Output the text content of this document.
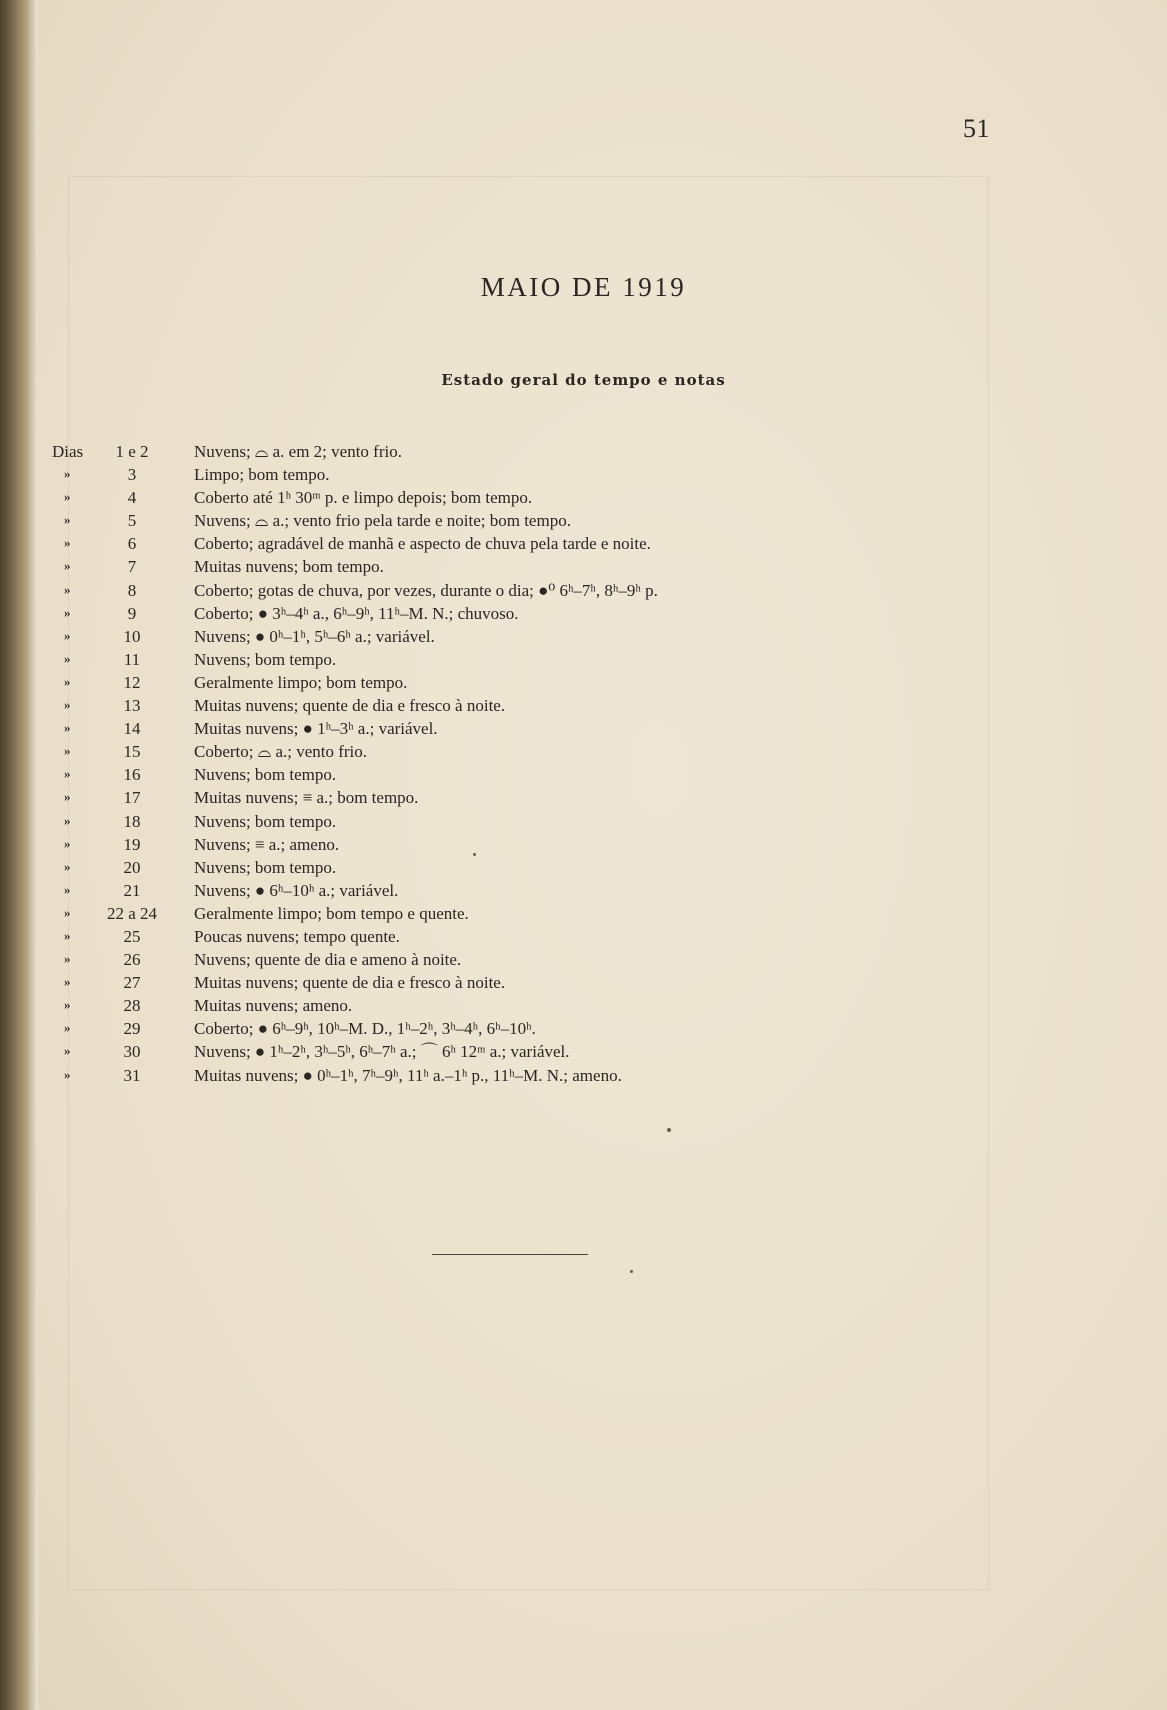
51
MAIO DE 1919
Estado geral do tempo e notas
Dias	1 e 2	Nuvens; ⌓ a. em 2; vento frio.
»	3	Limpo; bom tempo.
»	4	Coberto até 1ʰ 30ᵐ p. e limpo depois; bom tempo.
»	5	Nuvens; ⌓ a.; vento frio pela tarde e noite; bom tempo.
»	6	Coberto; agradável de manhã e aspecto de chuva pela tarde e noite.
»	7	Muitas nuvens; bom tempo.
»	8	Coberto; gotas de chuva, por vezes, durante o dia; ●⁰ 6ʰ–7ʰ, 8ʰ–9ʰ p.
»	9	Coberto; ● 3ʰ–4ʰ a., 6ʰ–9ʰ, 11ʰ–M. N.; chuvoso.
»	10	Nuvens; ● 0ʰ–1ʰ, 5ʰ–6ʰ a.; variável.
»	11	Nuvens; bom tempo.
»	12	Geralmente limpo; bom tempo.
»	13	Muitas nuvens; quente de dia e fresco à noite.
»	14	Muitas nuvens; ● 1ʰ–3ʰ a.; variável.
»	15	Coberto; ⌓ a.; vento frio.
»	16	Nuvens; bom tempo.
»	17	Muitas nuvens; ≡ a.; bom tempo.
»	18	Nuvens; bom tempo.
»	19	Nuvens; ≡ a.; ameno.
»	20	Nuvens; bom tempo.
»	21	Nuvens; ● 6ʰ–10ʰ a.; variável.
»	22 a 24	Geralmente limpo; bom tempo e quente.
»	25	Poucas nuvens; tempo quente.
»	26	Nuvens; quente de dia e ameno à noite.
»	27	Muitas nuvens; quente de dia e fresco à noite.
»	28	Muitas nuvens; ameno.
»	29	Coberto; ● 6ʰ–9ʰ, 10ʰ–M. D., 1ʰ–2ʰ, 3ʰ–4ʰ, 6ʰ–10ʰ.
»	30	Nuvens; ● 1ʰ–2ʰ, 3ʰ–5ʰ, 6ʰ–7ʰ a.; ⌒ 6ʰ 12ᵐ a.; variável.
»	31	Muitas nuvens; ● 0ʰ–1ʰ, 7ʰ–9ʰ, 11ʰ a.–1ʰ p., 11ʰ–M. N.; ameno.
